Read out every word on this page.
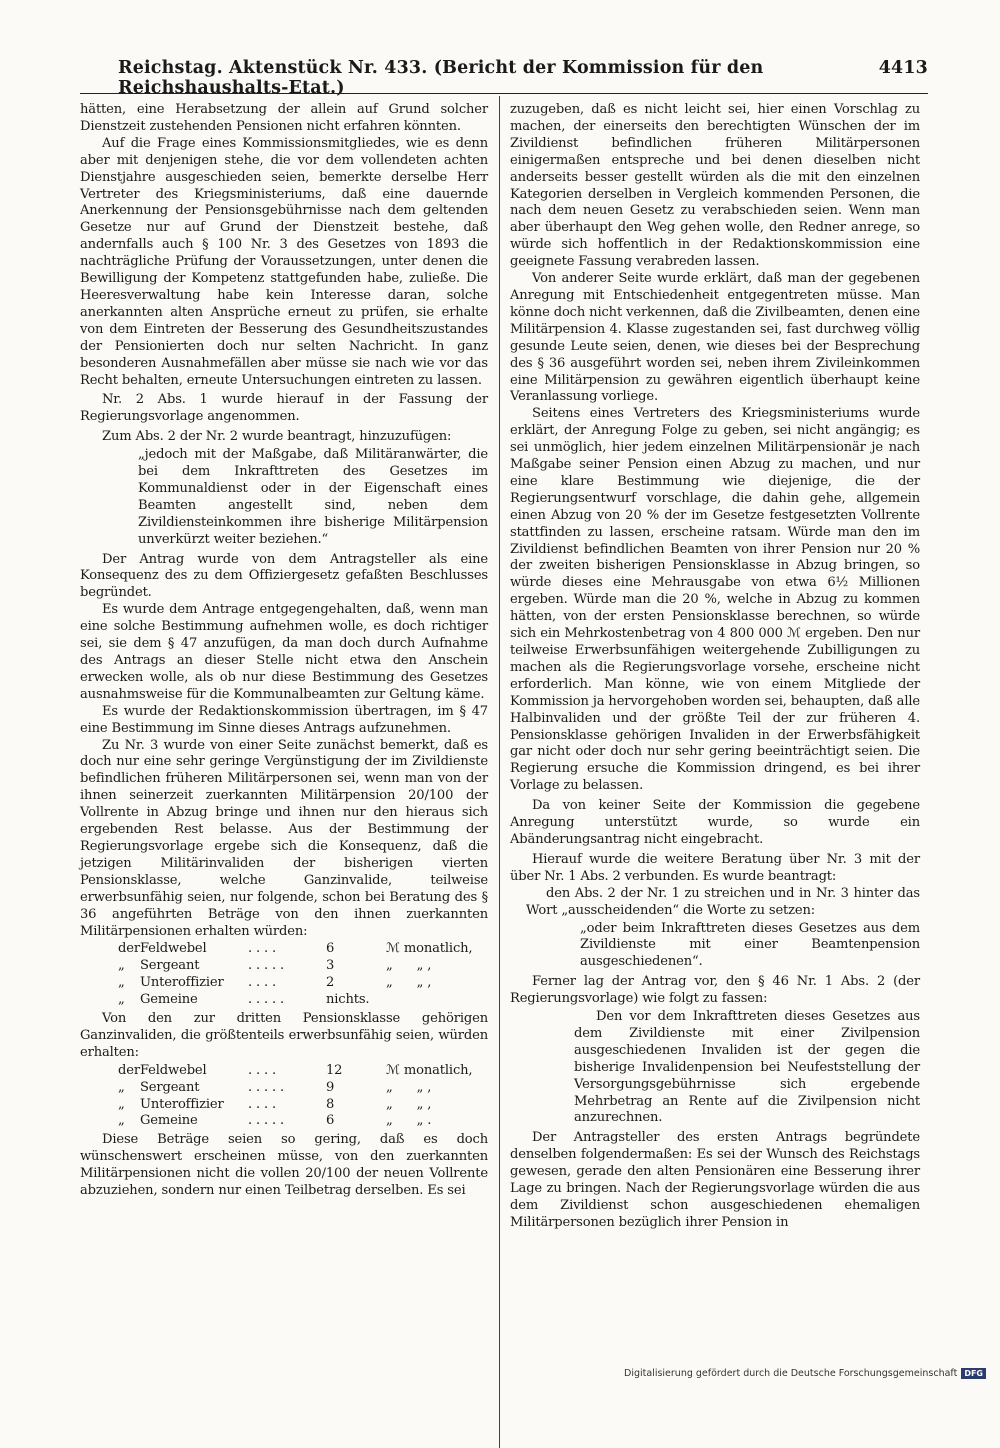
Reichstag. Aktenstück Nr. 433. (Bericht der Kommission für den Reichshaushalts-Etat.)
4413

hätten, eine Herabsetzung der allein auf Grund solcher Dienstzeit zustehenden Pensionen nicht erfahren könnten.

Auf die Frage eines Kommissionsmitgliedes, wie es denn aber mit denjenigen stehe, die vor dem vollendeten achten Dienstjahre ausgeschieden seien, bemerkte derselbe Herr Vertreter des Kriegsministeriums, daß eine dauernde Anerkennung der Pensionsgebührnisse nach dem geltenden Gesetze nur auf Grund der Dienstzeit bestehe, daß andernfalls auch § 100 Nr. 3 des Gesetzes von 1893 die nachträgliche Prüfung der Voraussetzungen, unter denen die Bewilligung der Kompetenz stattgefunden habe, zuließe. Die Heeresverwaltung habe kein Interesse daran, solche anerkannten alten Ansprüche erneut zu prüfen, sie erhalte von dem Eintreten der Besserung des Gesundheitszustandes der Pensionierten doch nur selten Nachricht. In ganz besonderen Ausnahmefällen aber müsse sie nach wie vor das Recht behalten, erneute Untersuchungen eintreten zu lassen.

Nr. 2 Abs. 1 wurde hierauf in der Fassung der Regierungsvorlage angenommen.

Zum Abs. 2 der Nr. 2 wurde beantragt, hinzuzufügen:

„jedoch mit der Maßgabe, daß Militäranwärter, die bei dem Inkrafttreten des Gesetzes im Kommunaldienst oder in der Eigenschaft eines Beamten angestellt sind, neben dem Zivildiensteinkommen ihre bisherige Militärpension unverkürzt weiter beziehen.“

Der Antrag wurde von dem Antragsteller als eine Konsequenz des zu dem Offiziergesetz gefaßten Beschlusses begründet.

Es wurde dem Antrage entgegengehalten, daß, wenn man eine solche Bestimmung aufnehmen wolle, es doch richtiger sei, sie dem § 47 anzufügen, da man doch durch Aufnahme des Antrags an dieser Stelle nicht etwa den Anschein erwecken wolle, als ob nur diese Bestimmung des Gesetzes ausnahmsweise für die Kommunalbeamten zur Geltung käme.

Es wurde der Redaktionskommission übertragen, im § 47 eine Bestimmung im Sinne dieses Antrags aufzunehmen.

Zu Nr. 3 wurde von einer Seite zunächst bemerkt, daß es doch nur eine sehr geringe Vergünstigung der im Zivildienste befindlichen früheren Militärpersonen sei, wenn man von der ihnen seinerzeit zuerkannten Militärpension 20/100 der Vollrente in Abzug bringe und ihnen nur den hieraus sich ergebenden Rest belasse. Aus der Bestimmung der Regierungsvorlage ergebe sich die Konsequenz, daß die jetzigen Militärinvaliden der bisherigen vierten Pensionsklasse, welche Ganzinvalide, teilweise erwerbsunfähig seien, nur folgende, schon bei Beratung des § 36 angeführten Beträge von den ihnen zuerkannten Militärpensionen erhalten würden:

der	Feldwebel	. . . .	6	ℳ monatlich,
„	Sergeant	. . . . .	3	„      „ ,
„	Unteroffizier	. . . .	2	„      „ ,
„	Gemeine	. . . . .	nichts.	

Von den zur dritten Pensionsklasse gehörigen Ganzinvaliden, die größtenteils erwerbsunfähig seien, würden erhalten:

der	Feldwebel	. . . .	12	ℳ monatlich,
„	Sergeant	. . . . .	9	„      „ ,
„	Unteroffizier	. . . .	8	„      „ ,
„	Gemeine	. . . . .	6	„      „ .

Diese Beträge seien so gering, daß es doch wünschenswert erscheinen müsse, von den zuerkannten Militärpensionen nicht die vollen 20/100 der neuen Vollrente abzuziehen, sondern nur einen Teilbetrag derselben. Es sei

zuzugeben, daß es nicht leicht sei, hier einen Vorschlag zu machen, der einerseits den berechtigten Wünschen der im Zivildienst befindlichen früheren Militärpersonen einigermaßen entspreche und bei denen dieselben nicht anderseits besser gestellt würden als die mit den einzelnen Kategorien derselben in Vergleich kommenden Personen, die nach dem neuen Gesetz zu verabschieden seien. Wenn man aber überhaupt den Weg gehen wolle, den Redner anrege, so würde sich hoffentlich in der Redaktionskommission eine geeignete Fassung verabreden lassen.

Von anderer Seite wurde erklärt, daß man der gegebenen Anregung mit Entschiedenheit entgegentreten müsse. Man könne doch nicht verkennen, daß die Zivilbeamten, denen eine Militärpension 4. Klasse zugestanden sei, fast durchweg völlig gesunde Leute seien, denen, wie dieses bei der Besprechung des § 36 ausgeführt worden sei, neben ihrem Zivileinkommen eine Militärpension zu gewähren eigentlich überhaupt keine Veranlassung vorliege.

Seitens eines Vertreters des Kriegsministeriums wurde erklärt, der Anregung Folge zu geben, sei nicht angängig; es sei unmöglich, hier jedem einzelnen Militärpensionär je nach Maßgabe seiner Pension einen Abzug zu machen, und nur eine klare Bestimmung wie diejenige, die der Regierungsentwurf vorschlage, die dahin gehe, allgemein einen Abzug von 20 % der im Gesetze festgesetzten Vollrente stattfinden zu lassen, erscheine ratsam. Würde man den im Zivildienst befindlichen Beamten von ihrer Pension nur 20 % der zweiten bisherigen Pensionsklasse in Abzug bringen, so würde dieses eine Mehrausgabe von etwa 6½ Millionen ergeben. Würde man die 20 %, welche in Abzug zu kommen hätten, von der ersten Pensionsklasse berechnen, so würde sich ein Mehrkostenbetrag von 4 800 000 ℳ ergeben. Den nur teilweise Erwerbsunfähigen weitergehende Zubilligungen zu machen als die Regierungsvorlage vorsehe, erscheine nicht erforderlich. Man könne, wie von einem Mitgliede der Kommission ja hervorgehoben worden sei, behaupten, daß alle Halbinvaliden und der größte Teil der zur früheren 4. Pensionsklasse gehörigen Invaliden in der Erwerbsfähigkeit gar nicht oder doch nur sehr gering beeinträchtigt seien. Die Regierung ersuche die Kommission dringend, es bei ihrer Vorlage zu belassen.

Da von keiner Seite der Kommission die gegebene Anregung unterstützt wurde, so wurde ein Abänderungsantrag nicht eingebracht.

Hierauf wurde die weitere Beratung über Nr. 3 mit der über Nr. 1 Abs. 2 verbunden. Es wurde beantragt:

den Abs. 2 der Nr. 1 zu streichen und in Nr. 3 hinter das Wort „ausscheidenden“ die Worte zu setzen:

„oder beim Inkrafttreten dieses Gesetzes aus dem Zivildienste mit einer Beamtenpension ausgeschiedenen“.

Ferner lag der Antrag vor, den § 46 Nr. 1 Abs. 2 (der Regierungsvorlage) wie folgt zu fassen:

Den vor dem Inkrafttreten dieses Gesetzes aus dem Zivildienste mit einer Zivilpension ausgeschiedenen Invaliden ist der gegen die bisherige Invalidenpension bei Neufeststellung der Versorgungsgebührnisse sich ergebende Mehrbetrag an Rente auf die Zivilpension nicht anzurechnen.

Der Antragsteller des ersten Antrags begründete denselben folgendermaßen: Es sei der Wunsch des Reichstags gewesen, gerade den alten Pensionären eine Besserung ihrer Lage zu bringen. Nach der Regierungsvorlage würden die aus dem Zivildienst schon ausgeschiedenen ehemaligen Militärpersonen bezüglich ihrer Pension in

Digitalisierung gefördert durch die Deutsche Forschungsgemeinschaft DFG
